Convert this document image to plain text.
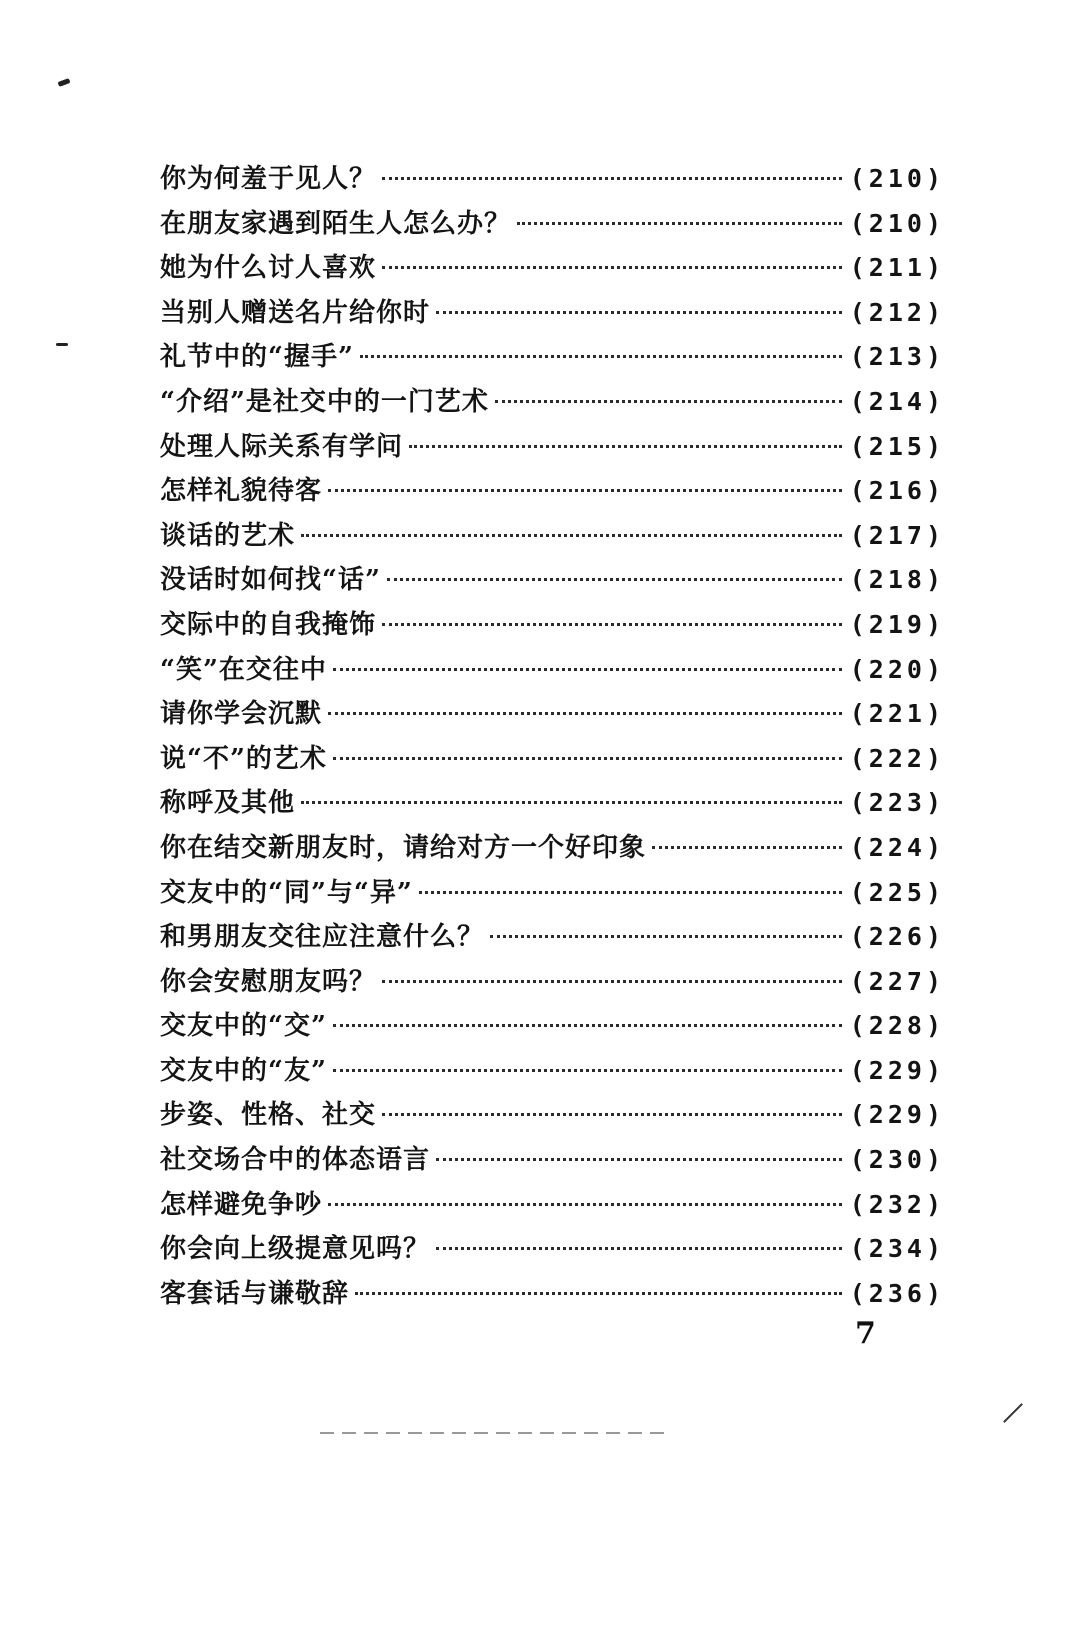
你为何羞于见人？	(210)
在朋友家遇到陌生人怎么办？	(210)
她为什么讨人喜欢	(211)
当别人赠送名片给你时	(212)
礼节中的“握手”	(213)
“介绍”是社交中的一门艺术	(214)
处理人际关系有学问	(215)
怎样礼貌待客	(216)
谈话的艺术	(217)
没话时如何找“话”	(218)
交际中的自我掩饰	(219)
“笑”在交往中	(220)
请你学会沉默	(221)
说“不”的艺术	(222)
称呼及其他	(223)
你在结交新朋友时，请给对方一个好印象	(224)
交友中的“同”与“异”	(225)
和男朋友交往应注意什么？	(226)
你会安慰朋友吗？	(227)
交友中的“交”	(228)
交友中的“友”	(229)
步姿、性格、社交	(229)
社交场合中的体态语言	(230)
怎样避免争吵	(232)
你会向上级提意见吗？	(234)
客套话与谦敬辞	(236)
7
